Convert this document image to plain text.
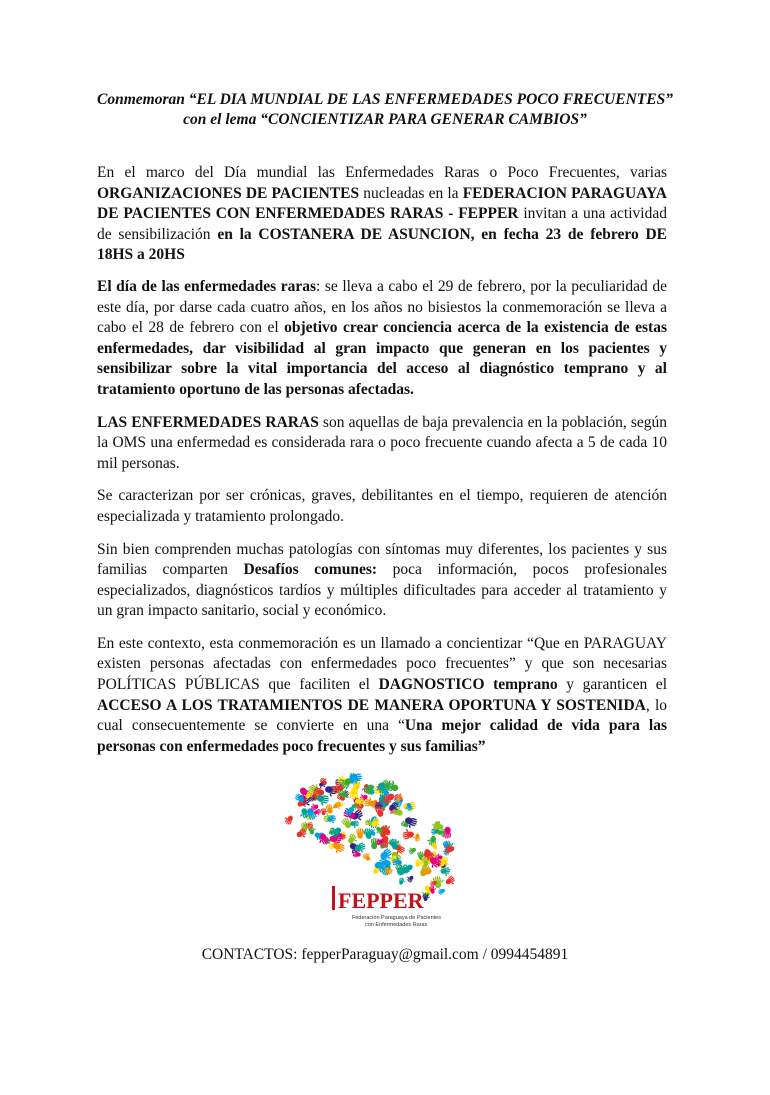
Conmemoran “EL DIA MUNDIAL DE LAS ENFERMEDADES POCO FRECUENTES”
con el lema “CONCIENTIZAR PARA GENERAR CAMBIOS”

En el marco del Día mundial las Enfermedades Raras o Poco Frecuentes, varias ORGANIZACIONES DE PACIENTES nucleadas en la FEDERACION PARAGUAYA DE PACIENTES CON ENFERMEDADES RARAS - FEPPER invitan a una actividad de sensibilización en la COSTANERA DE ASUNCION, en fecha 23 de febrero DE 18HS a 20HS

El día de las enfermedades raras: se lleva a cabo el 29 de febrero, por la peculiaridad de este día, por darse cada cuatro años, en los años no bisiestos la conmemoración se lleva a cabo el 28 de febrero con el objetivo crear conciencia acerca de la existencia de estas enfermedades, dar visibilidad al gran impacto que generan en los pacientes y sensibilizar sobre la vital importancia del acceso al diagnóstico temprano y al tratamiento oportuno de las personas afectadas.

LAS ENFERMEDADES RARAS son aquellas de baja prevalencia en la población, según la OMS una enfermedad es considerada rara o poco frecuente cuando afecta a 5 de cada 10 mil personas.

Se caracterizan por ser crónicas, graves, debilitantes en el tiempo, requieren de atención especializada y tratamiento prolongado.

Sin bien comprenden muchas patologías con síntomas muy diferentes, los pacientes y sus familias comparten Desafíos comunes: poca información, pocos profesionales especializados, diagnósticos tardíos y múltiples dificultades para acceder al tratamiento y un gran impacto sanitario, social y económico.

En este contexto, esta conmemoración es un llamado a concientizar “Que en PARAGUAY existen personas afectadas con enfermedades poco frecuentes” y que son necesarias POLÍTICAS PÚBLICAS que faciliten el DAGNOSTICO temprano y garanticen el ACCESO A LOS TRATAMIENTOS DE MANERA OPORTUNA Y SOSTENIDA, lo cual consecuentemente se convierte en una “Una mejor calidad de vida para las personas con enfermedades poco frecuentes y sus familias”

FEPPER
Federación Paraguaya de Pacientes
con Enfermedades Raras
CONTACTOS: fepperParaguay@gmail.com / 0994454891
